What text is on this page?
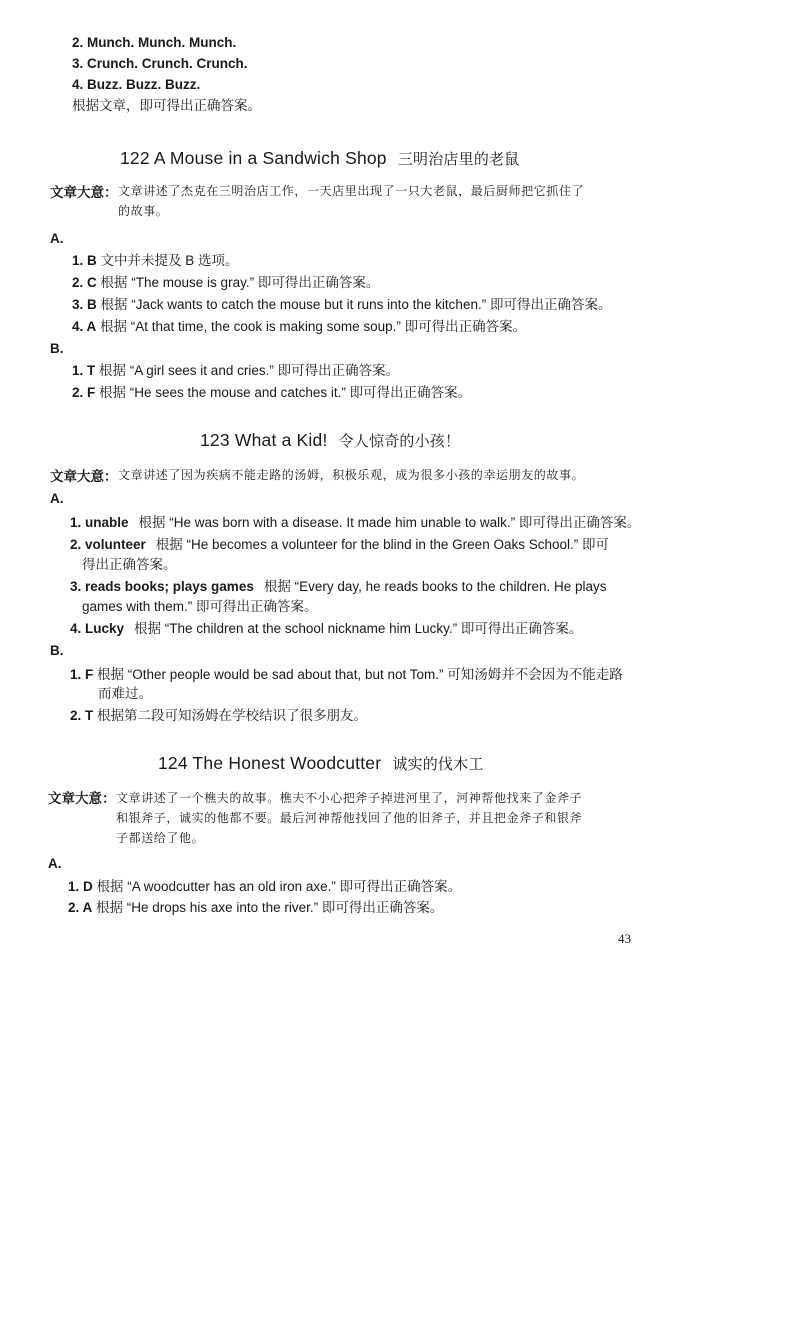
2. Munch. Munch. Munch.
3. Crunch. Crunch. Crunch.
4. Buzz. Buzz. Buzz.
根据文章，即可得出正确答案。
122 A Mouse in a Sandwich Shop 三明治店里的老鼠
文章大意： 文章讲述了杰克在三明治店工作，一天店里出现了一只大老鼠，最后厨师把它抓住了
的故事。
A.
1. B 文中并未提及 B 选项。
2. C 根据 “The mouse is gray.” 即可得出正确答案。
3. B 根据 “Jack wants to catch the mouse but it runs into the kitchen.” 即可得出正确答案。
4. A 根据 “At that time, the cook is making some soup.” 即可得出正确答案。
B.
1. T 根据 “A girl sees it and cries.” 即可得出正确答案。
2. F 根据 “He sees the mouse and catches it.” 即可得出正确答案。
123 What a Kid! 令人惊奇的小孩！
文章大意： 文章讲述了因为疾病不能走路的汤姆，积极乐观，成为很多小孩的幸运朋友的故事。
A.
1. unable 根据 “He was born with a disease. It made him unable to walk.” 即可得出正确答案。
2. volunteer 根据 “He becomes a volunteer for the blind in the Green Oaks School.” 即可
得出正确答案。
3. reads books; plays games 根据 “Every day, he reads books to the children. He plays
games with them.” 即可得出正确答案。
4. Lucky 根据 “The children at the school nickname him Lucky.” 即可得出正确答案。
B.
1. F 根据 “Other people would be sad about that, but not Tom.” 可知汤姆并不会因为不能走路
而难过。
2. T 根据第二段可知汤姆在学校结识了很多朋友。
124 The Honest Woodcutter 诚实的伐木工
文章大意： 文章讲述了一个樵夫的故事。樵夫不小心把斧子掉进河里了，河神帮他找来了金斧子
和银斧子，诚实的他都不要。最后河神帮他找回了他的旧斧子，并且把金斧子和银斧
子都送给了他。
A.
1. D 根据 “A woodcutter has an old iron axe.” 即可得出正确答案。
2. A 根据 “He drops his axe into the river.” 即可得出正确答案。
43
